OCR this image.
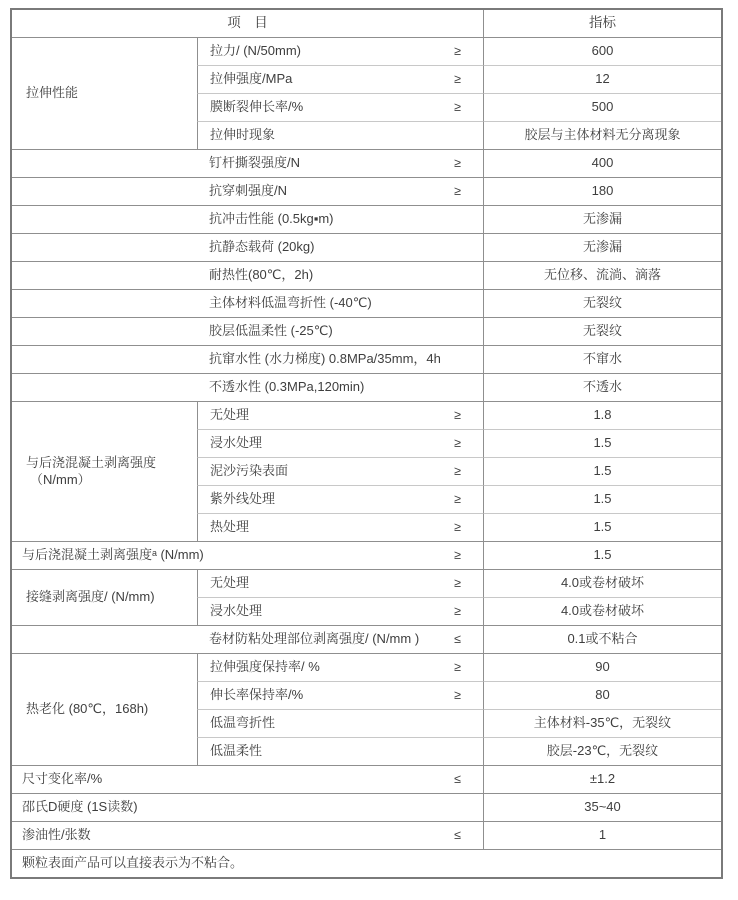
项　目		指标
拉伸性能	拉力/ (N/50mm) ≥	600

	拉伸强度/MPa ≥	12

	膜断裂伸长率/% ≥	500

	拉伸时现象	胶层与主体材料无分离现象

钉杆撕裂强度/N ≥		400

抗穿刺强度/N ≥		180

抗冲击性能 (0.5kg▪m)		无渗漏

抗静态载荷 (20kg)		无渗漏

耐热性(80℃，2h)		无位移、流淌、滴落

主体材料低温弯折性 (-40℃)		无裂纹

胶层低温柔性 (-25℃)		无裂纹

抗窜水性 (水力梯度) 0.8MPa/35mm，4h		不窜水

不透水性 (0.3MPa,120min)		不透水

与后浇混凝土剥离强度
（N/mm）

无处理	≥	1.8

	浸水处理 ≥	1.5

	泥沙污染表面 ≥	1.5

	紫外线处理 ≥	1.5

	热处理 ≥	1.5

与后浇混凝土剥离强度ᵃ (N/mm) ≥		1.5
接缝剥离强度/ (N/mm)	无处理 ≥	4.0或卷材破坏

	浸水处理 ≥	4.0或卷材破坏

卷材防粘处理部位剥离强度/ (N/mm ) ≤		0.1或不粘合
热老化 (80℃，168h)	拉伸强度保持率/ % ≥	90

	伸长率保持率/% ≥	80

	低温弯折性	主体材料-35℃，无裂纹

	低温柔性	胶层-23℃，无裂纹

尺寸变化率/% ≤		±1.2

邵氏D硬度 (1S读数)		35~40

渗油性/张数 ≤		1
颗粒表面产品可以直接表示为不粘合。		
